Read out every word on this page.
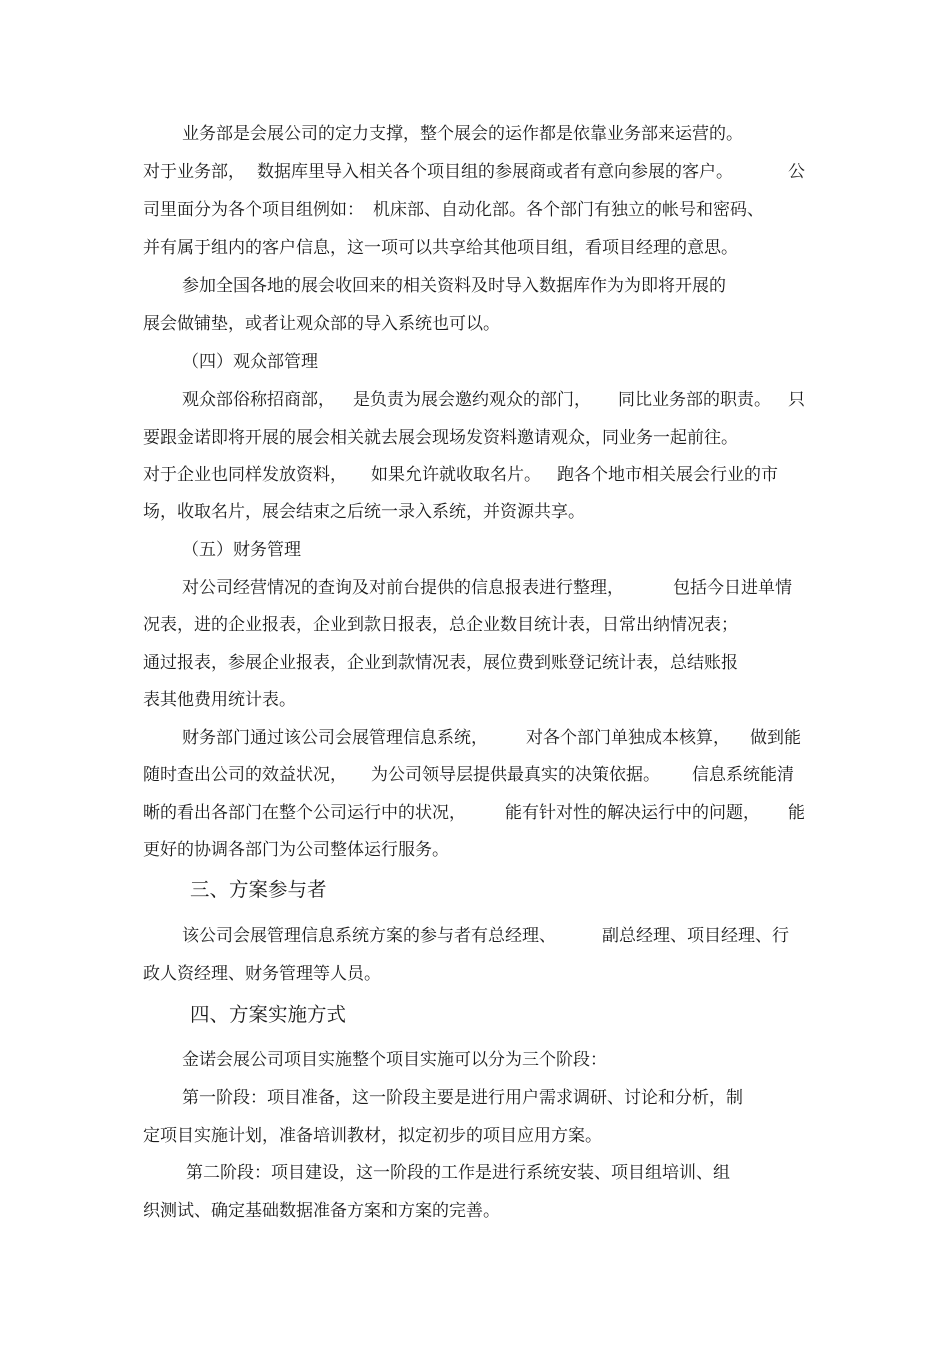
业务部是会展公司的定力支撑，整个展会的运作都是依靠业务部来运营的。

对于业务部，

数据库里导入相关各个项目组的参展商或者有意向参展的客户。

	公

司里面分为各个项目组例如：

机床部、自动化部。各个部门有独立的帐号和密码、

并有属于组内的客户信息，这一项可以共享给其他项目组，看项目经理的意思。

参加全国各地的展会收回来的相关资料及时导入数据库作为为即将开展的

展会做铺垫，或者让观众部的导入系统也可以。

（四）观众部管理

观众部俗称招商部，

是负责为展会邀约观众的部门，

同比业务部的职责。

只

要跟金诺即将开展的展会相关就去展会现场发资料邀请观众，同业务一起前往。

对于企业也同样发放资料，

如果允许就收取名片。

跑各个地市相关展会行业的市

场，收取名片，展会结束之后统一录入系统，并资源共享。

（五）财务管理

对公司经营情况的查询及对前台提供的信息报表进行整理，

	包括今日进单情

况表，进的企业报表，企业到款日报表，总企业数目统计表，日常出纳情况表；

通过报表，参展企业报表，企业到款情况表，展位费到账登记统计表，总结账报

表其他费用统计表。

财务部门通过该公司会展管理信息系统，

对各个部门单独成本核算，

做到能

随时查出公司的效益状况，

为公司领导层提供最真实的决策依据。

信息系统能清

晰的看出各部门在整个公司运行中的状况，

能有针对性的解决运行中的问题，

能

更好的协调各部门为公司整体运行服务。

三、方案参与者

该公司会展管理信息系统方案的参与者有总经理、

	副总经理、项目经理、行

政人资经理、财务管理等人员。

四、方案实施方式

金诺会展公司项目实施整个项目实施可以分为三个阶段：

第一阶段：项目准备，这一阶段主要是进行用户需求调研、讨论和分析，制

定项目实施计划，准备培训教材，拟定初步的项目应用方案。

第二阶段：项目建设，这一阶段的工作是进行系统安装、项目组培训、组

织测试、确定基础数据准备方案和方案的完善。
